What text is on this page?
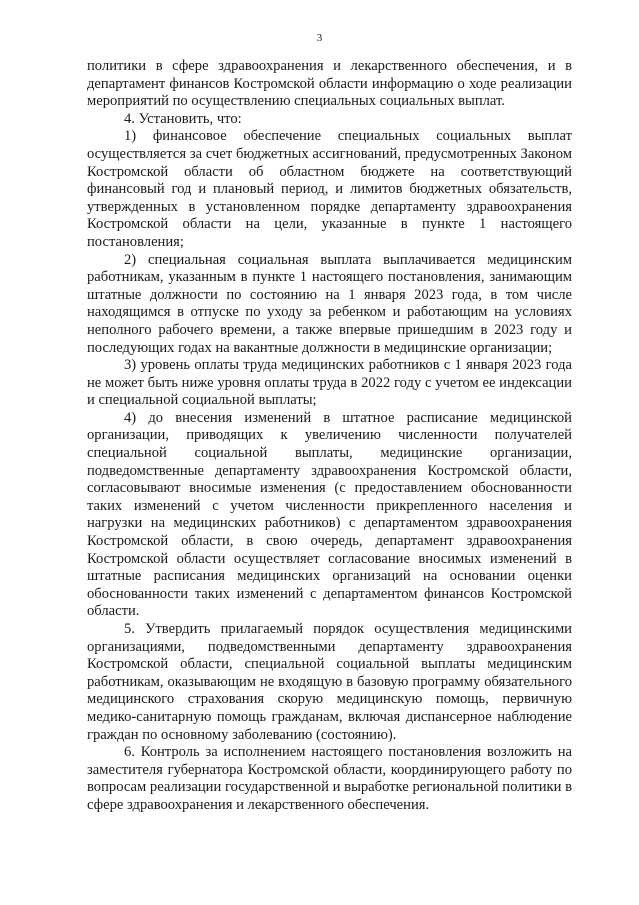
3

политики в сфере здравоохранения и лекарственного обеспечения, и в департамент финансов Костромской области информацию о ходе реализации мероприятий по осуществлению специальных социальных выплат.

4. Установить, что:

1) финансовое обеспечение специальных социальных выплат осуществляется за счет бюджетных ассигнований, предусмотренных Законом Костромской области об областном бюджете на соответствующий финансовый год и плановый период, и лимитов бюджетных обязательств, утвержденных в установленном порядке департаменту здравоохранения Костромской области на цели, указанные в пункте 1 настоящего постановления;

2) специальная социальная выплата выплачивается медицинским работникам, указанным в пункте 1 настоящего постановления, занимающим штатные должности по состоянию на 1 января 2023 года, в том числе находящимся в отпуске по уходу за ребенком и работающим на условиях неполного рабочего времени, а также впервые пришедшим в 2023 году и последующих годах на вакантные должности в медицинские организации;

3) уровень оплаты труда медицинских работников с 1 января 2023 года не может быть ниже уровня оплаты труда в 2022 году с учетом ее индексации и специальной социальной выплаты;

4) до внесения изменений в штатное расписание медицинской организации, приводящих к увеличению численности получателей специальной социальной выплаты, медицинские организации, подведомственные департаменту здравоохранения Костромской области, согласовывают вносимые изменения (с предоставлением обоснованности таких изменений с учетом численности прикрепленного населения и нагрузки на медицинских работников) с департаментом здравоохранения Костромской области, в свою очередь, департамент здравоохранения Костромской области осуществляет согласование вносимых изменений в штатные расписания медицинских организаций на основании оценки обоснованности таких изменений с департаментом финансов Костромской области.

5. Утвердить прилагаемый порядок осуществления медицинскими организациями, подведомственными департаменту здравоохранения Костромской области, специальной социальной выплаты медицинским работникам, оказывающим не входящую в базовую программу обязательного медицинского страхования скорую медицинскую помощь, первичную медико-санитарную помощь гражданам, включая диспансерное наблюдение граждан по основному заболеванию (состоянию).

6. Контроль за исполнением настоящего постановления возложить на заместителя губернатора Костромской области, координирующего работу по вопросам реализации государственной и выработке региональной политики в сфере здравоохранения и лекарственного обеспечения.
